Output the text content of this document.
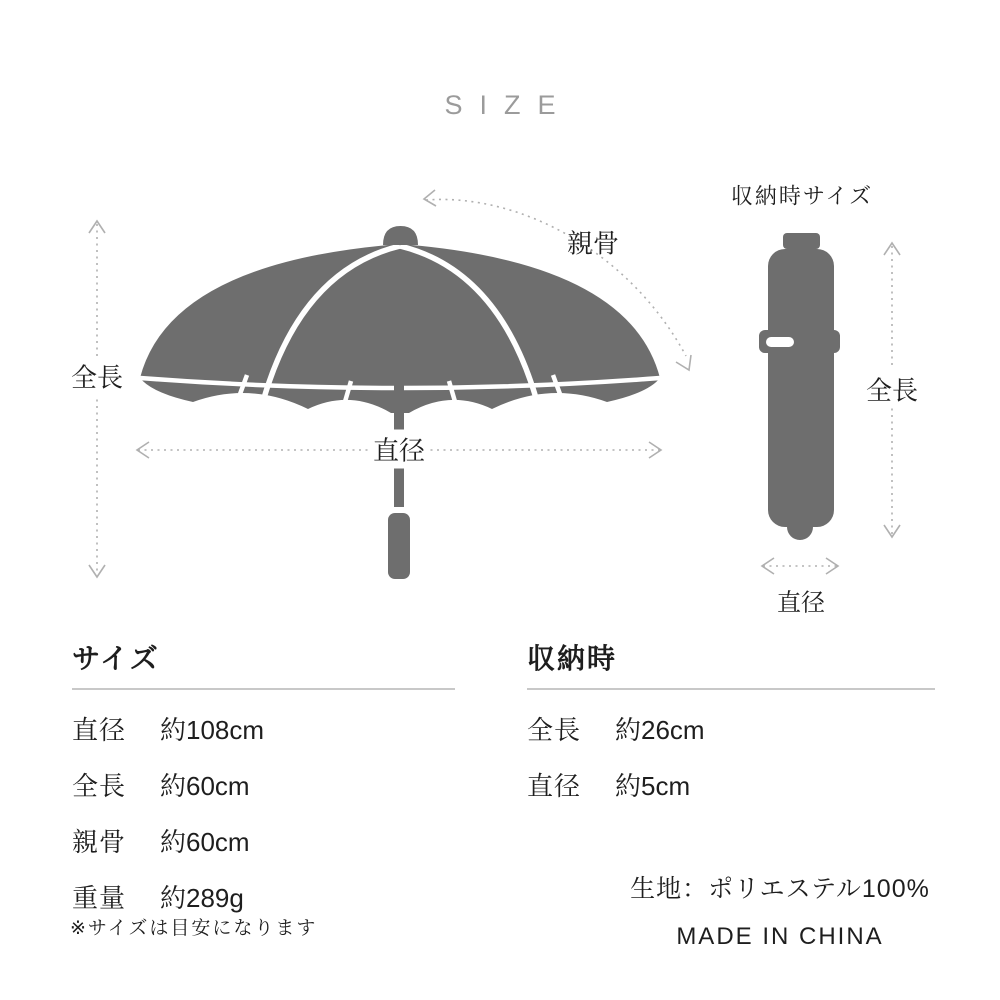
SIZE
全長
親骨
直径
収納時サイズ
全長
直径
サイズ
直径	約108cm
全長	約60cm
親骨	約60cm
重量	約289g
※サイズは目安になります
収納時
全長	約26cm
直径	約5cm
生地：ポリエステル100%
MADE IN CHINA
